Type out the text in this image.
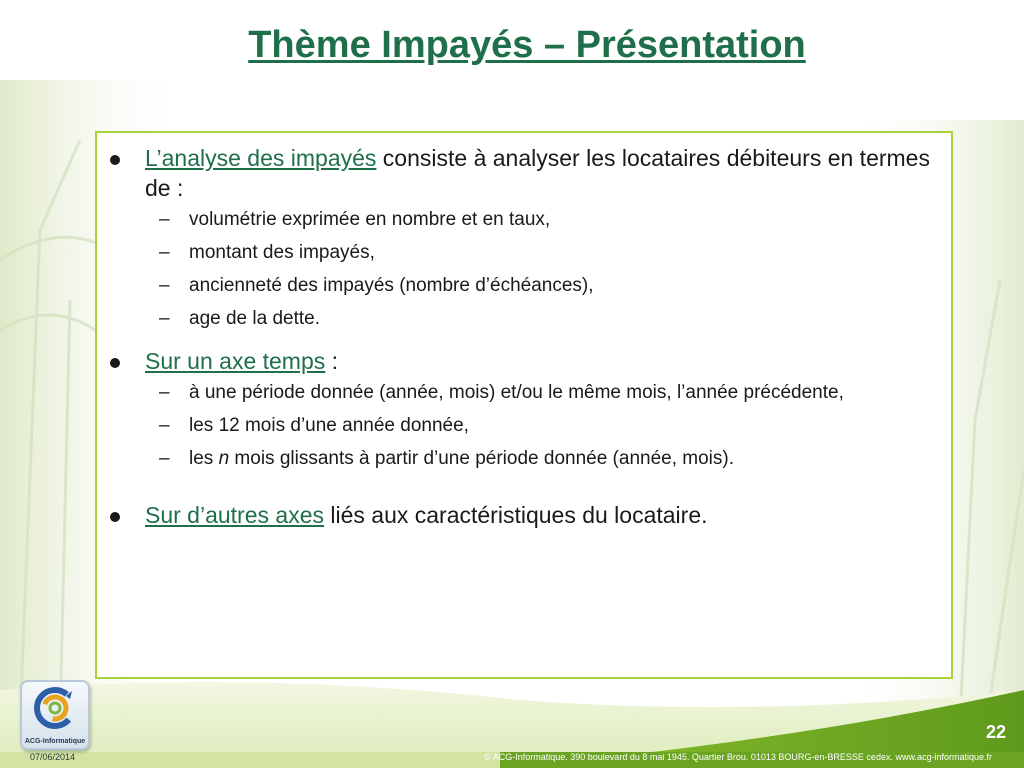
Thème Impayés – Présentation
L’analyse des impayés consiste à analyser les locataires débiteurs en termes de :
– volumétrie exprimée en nombre et en taux,
– montant des impayés,
– ancienneté des impayés (nombre d’échéances),
– age de la dette.
Sur un axe temps :
– à une période donnée (année, mois) et/ou le même mois, l’année précédente,
– les 12 mois d’une année donnée,
– les n mois glissants à partir d’une période donnée (année, mois).
Sur d’autres axes liés aux caractéristiques du locataire.
ACG-Informatique
07/06/2014	© ACG-Informatique. 390 boulevard du 8 mai 1945. Quartier Brou. 01013 BOURG-en-BRESSE cedex. www.acg-informatique.fr
22
